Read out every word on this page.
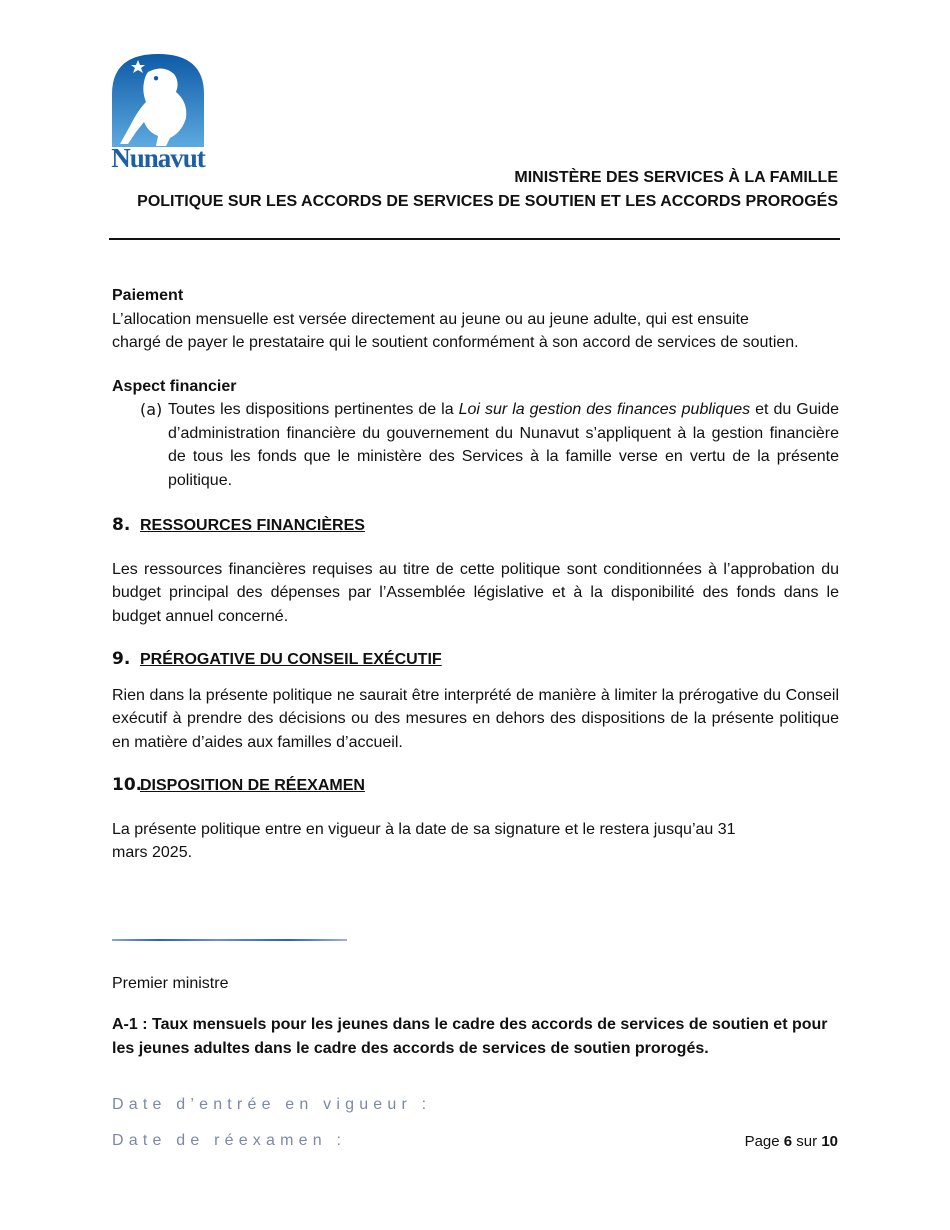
Nunavut
MINISTÈRE DES SERVICES À LA FAMILLE
POLITIQUE SUR LES ACCORDS DE SERVICES DE SOUTIEN ET LES ACCORDS PROROGÉS

Paiement

L’allocation mensuelle est versée directement au jeune ou au jeune adulte, qui est ensuite chargé de payer le prestataire qui le soutient conformément à son accord de services de soutien.

Aspect financier

(a) Toutes les dispositions pertinentes de la Loi sur la gestion des finances publiques et du Guide d’administration financière du gouvernement du Nunavut s’appliquent à la gestion financière de tous les fonds que le ministère des Services à la famille verse en vertu de la présente politique.
8. RESSOURCES FINANCIÈRES

Les ressources financières requises au titre de cette politique sont conditionnées à l’approbation du budget principal des dépenses par l’Assemblée législative et à la disponibilité des fonds dans le budget annuel concerné.

9. PRÉROGATIVE DU CONSEIL EXÉCUTIF

Rien dans la présente politique ne saurait être interprété de manière à limiter la prérogative du Conseil exécutif à prendre des décisions ou des mesures en dehors des dispositions de la présente politique en matière d’aides aux familles d’accueil.

10.
DISPOSITION DE RÉEXAMEN

La présente politique entre en vigueur à la date de sa signature et le restera jusqu’au 31

mars 2025.

Premier ministre
A-1 : Taux mensuels pour les jeunes dans le cadre des accords de services de soutien et pour les jeunes adultes dans le cadre des accords de services de soutien prorogés.
Date d’entrée en vigueur :
Date de réexamen :	Page 6 sur 10
